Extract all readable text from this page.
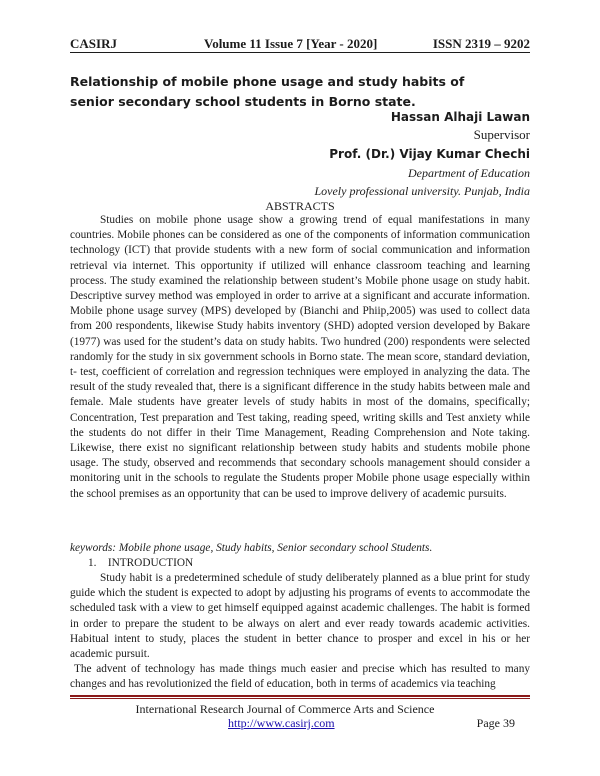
CASIRJ	Volume 11 Issue 7 [Year - 2020]	ISSN 2319 – 9202
Relationship of mobile phone usage and study habits of senior secondary school students in Borno state.
Hassan Alhaji Lawan
Supervisor
Prof. (Dr.) Vijay Kumar Chechi
Department of Education
Lovely professional university. Punjab, India
ABSTRACTS
Studies on mobile phone usage show a growing trend of equal manifestations in many countries. Mobile phones can be considered as one of the components of information communication technology (ICT) that provide students with a new form of social communication and information retrieval via internet. This opportunity if utilized will enhance classroom teaching and learning process. The study examined the relationship between student’s Mobile phone usage on study habit. Descriptive survey method was employed in order to arrive at a significant and accurate information. Mobile phone usage survey (MPS) developed by (Bianchi and Phiip,2005) was used to collect data from 200 respondents, likewise Study habits inventory (SHD) adopted version developed by Bakare (1977) was used for the student’s data on study habits. Two hundred (200) respondents were selected randomly for the study in six government schools in Borno state. The mean score, standard deviation, t- test, coefficient of correlation and regression techniques were employed in analyzing the data. The result of the study revealed that, there is a significant difference in the study habits between male and female. Male students have greater levels of study habits in most of the domains, specifically; Concentration, Test preparation and Test taking, reading speed, writing skills and Test anxiety while the students do not differ in their Time Management, Reading Comprehension and Note taking. Likewise, there exist no significant relationship between study habits and students mobile phone usage. The study, observed and recommends that secondary schools management should consider a monitoring unit in the schools to regulate the Students proper Mobile phone usage especially within the school premises as an opportunity that can be used to improve delivery of academic pursuits.
keywords: Mobile phone usage, Study habits, Senior secondary school Students.
1. INTRODUCTION
Study habit is a predetermined schedule of study deliberately planned as a blue print for study guide which the student is expected to adopt by adjusting his programs of events to accommodate the scheduled task with a view to get himself equipped against academic challenges. The habit is formed in order to prepare the student to be always on alert and ever ready towards academic activities. Habitual intent to study, places the student in better chance to prosper and excel in his or her academic pursuit.
The advent of technology has made things much easier and precise which has resulted to many changes and has revolutionized the field of education, both in terms of academics via teaching
International Research Journal of Commerce Arts and Science
http://www.casirj.com	Page 39
